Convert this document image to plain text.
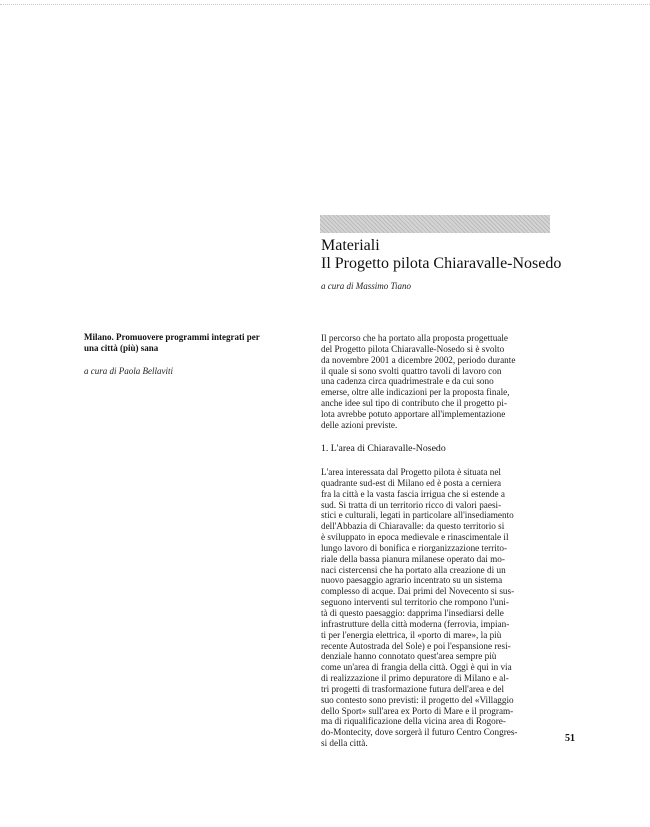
Materiali
Il Progetto pilota Chiaravalle-Nosedo
a cura di Massimo Tiano
Milano. Promuovere programmi integrati per
una città (più) sana
a cura di Paola Bellaviti
Il percorso che ha portato alla proposta progettuale
del Progetto pilota Chiaravalle-Nosedo si è svolto
da novembre 2001 a dicembre 2002, periodo durante
il quale si sono svolti quattro tavoli di lavoro con
una cadenza circa quadrimestrale e da cui sono
emerse, oltre alle indicazioni per la proposta finale,
anche idee sul tipo di contributo che il progetto pi-
lota avrebbe potuto apportare all'implementazione
delle azioni previste.
1. L'area di Chiaravalle-Nosedo
L'area interessata dal Progetto pilota è situata nel
quadrante sud-est di Milano ed è posta a cerniera
fra la città e la vasta fascia irrigua che si estende a
sud. Si tratta di un territorio ricco di valori paesi-
stici e culturali, legati in particolare all'insediamento
dell'Abbazia di Chiaravalle: da questo territorio si
è sviluppato in epoca medievale e rinascimentale il
lungo lavoro di bonifica e riorganizzazione territo-
riale della bassa pianura milanese operato dai mo-
naci cistercensi che ha portato alla creazione di un
nuovo paesaggio agrario incentrato su un sistema
complesso di acque. Dai primi del Novecento si sus-
seguono interventi sul territorio che rompono l'uni-
tà di questo paesaggio: dapprima l'insediarsi delle
infrastrutture della città moderna (ferrovia, impian-
ti per l'energia elettrica, il «porto di mare», la più
recente Autostrada del Sole) e poi l'espansione resi-
denziale hanno connotato quest'area sempre più
come un'area di frangia della città. Oggi è qui in via
di realizzazione il primo depuratore di Milano e al-
tri progetti di trasformazione futura dell'area e del
suo contesto sono previsti: il progetto del «Villaggio
dello Sport» sull'area ex Porto di Mare e il program-
ma di riqualificazione della vicina area di Rogore-
do-Montecity, dove sorgerà il futuro Centro Congres-
si della città.	51
